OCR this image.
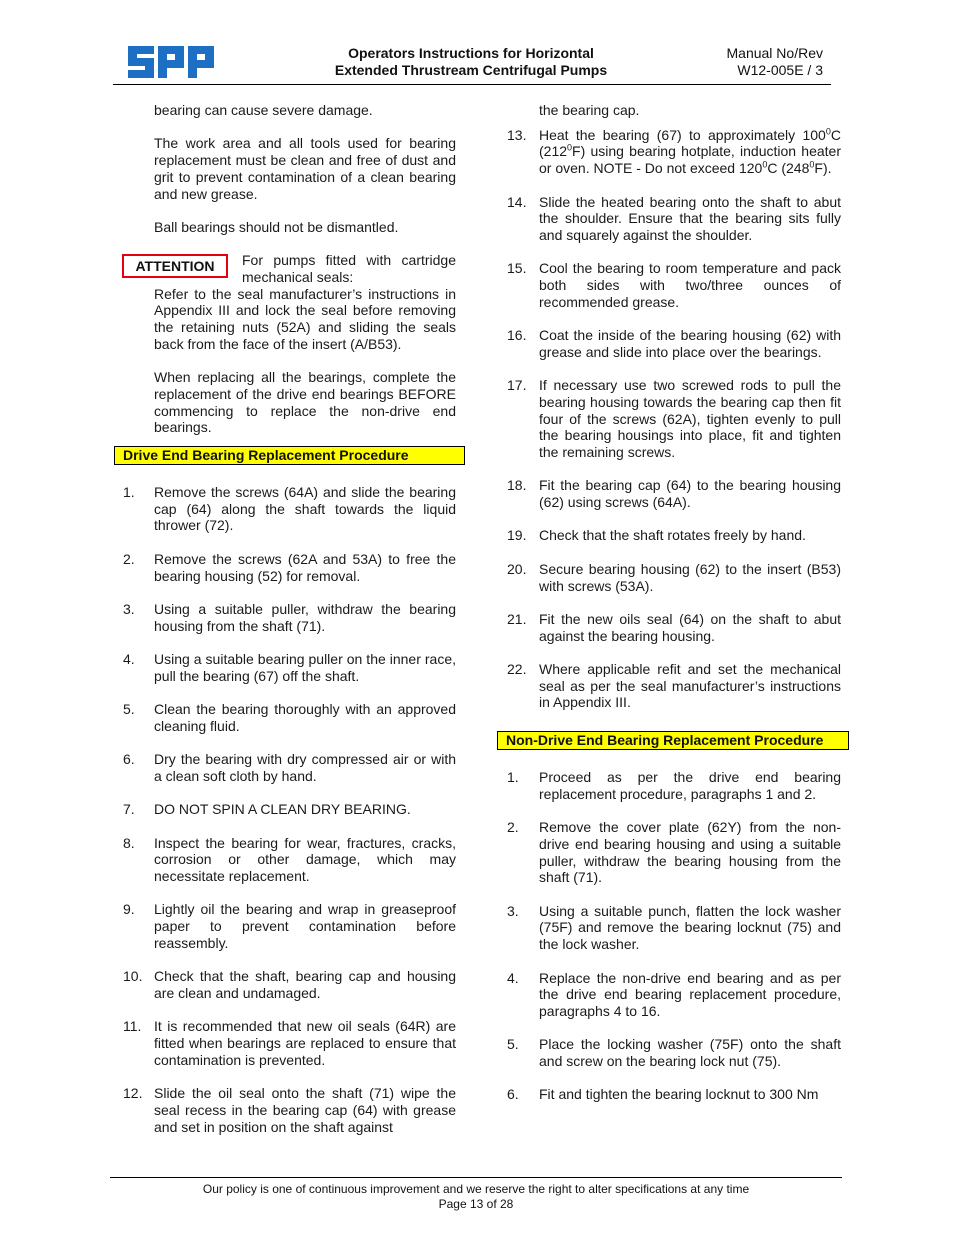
Operators Instructions for Horizontal
Extended Thrustream Centrifugal Pumps
Manual No/Rev
W12-005E / 3

bearing can cause severe damage.

The work area and all tools used for bearing replacement must be clean and free of dust and grit to prevent contamination of a clean bearing and new grease.

Ball bearings should not be dismantled.

ATTENTION	For pumps fitted with cartridge mechanical seals:

Refer to the seal manufacturer’s instructions in Appendix III and lock the seal before removing the retaining nuts (52A) and sliding the seals back from the face of the insert (A/B53).

When replacing all the bearings, complete the replacement of the drive end bearings BEFORE commencing to replace the non-drive end bearings.

Drive End Bearing Replacement Procedure
1.	Remove the screws (64A) and slide the bearing cap (64) along the shaft towards the liquid thrower (72).

2.	Remove the screws (62A and 53A) to free the bearing housing (52) for removal.

3.	Using a suitable puller, withdraw the bearing housing from the shaft (71).

4.	Using a suitable bearing puller on the inner race, pull the bearing (67) off the shaft.

5.	Clean the bearing thoroughly with an approved cleaning fluid.

6.	Dry the bearing with dry compressed air or with a clean soft cloth by hand.

7.	DO NOT SPIN A CLEAN DRY BEARING.

8.	Inspect the bearing for wear, fractures, cracks, corrosion or other damage, which may necessitate replacement.

9.	Lightly oil the bearing and wrap in greaseproof paper to prevent contamination before reassembly.

10. Check that the shaft, bearing cap and housing are clean and undamaged.

11. It is recommended that new oil seals (64R) are fitted when bearings are replaced to ensure that contamination is prevented.

12. Slide the oil seal onto the shaft (71) wipe the seal recess in the bearing cap (64) with grease and set in position on the shaft against

the bearing cap.

13. Heat the bearing (67) to approximately $100^0C$ $(212^0F)$ using bearing hotplate, induction heater or oven. NOTE - Do not exceed $120^0C$ $(248^0F)$.

14. Slide the heated bearing onto the shaft to abut the shoulder. Ensure that the bearing sits fully and squarely against the shoulder.

15. Cool the bearing to room temperature and pack both sides with two/three ounces of recommended grease.

16. Coat the inside of the bearing housing (62) with grease and slide into place over the bearings.

17. If necessary use two screwed rods to pull the bearing housing towards the bearing cap then fit four of the screws (62A), tighten evenly to pull the bearing housings into place, fit and tighten the remaining screws.

18. Fit the bearing cap (64) to the bearing housing (62) using screws (64A).

19. Check that the shaft rotates freely by hand.

20. Secure bearing housing (62) to the insert (B53) with screws (53A).

21. Fit the new oils seal (64) on the shaft to abut against the bearing housing.

22. Where applicable refit and set the mechanical seal as per the seal manufacturer’s instructions in Appendix III.

Non-Drive End Bearing Replacement Procedure
1.	Proceed as per the drive end bearing replacement procedure, paragraphs 1 and 2.

2.	Remove the cover plate (62Y) from the non-drive end bearing housing and using a suitable puller, withdraw the bearing housing from the shaft (71).

3.	Using a suitable punch, flatten the lock washer (75F) and remove the bearing locknut (75) and the lock washer.

4.	Replace the non-drive end bearing and as per the drive end bearing replacement procedure, paragraphs 4 to 16.

5.	Place the locking washer (75F) onto the shaft and screw on the bearing lock nut (75).

6.	Fit and tighten the bearing locknut to 300 Nm

Our policy is one of continuous improvement and we reserve the right to alter specifications at any time
Page 13 of 28
